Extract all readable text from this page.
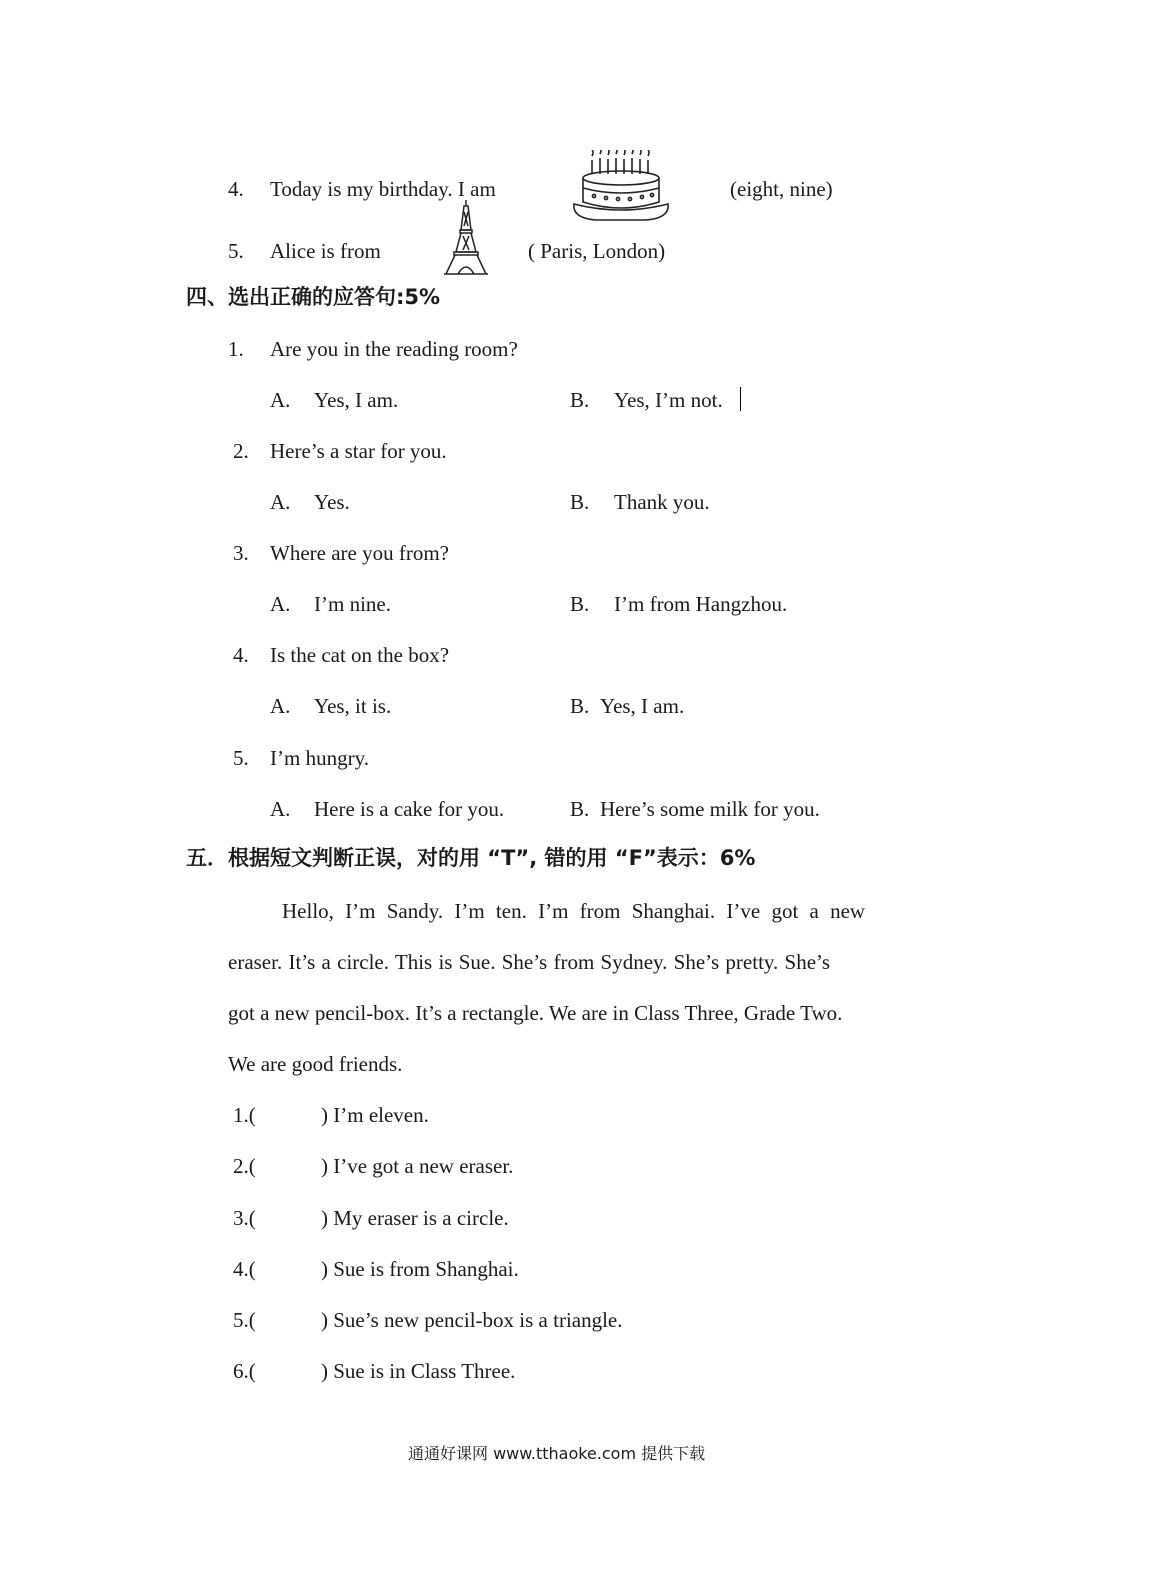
4. Today is my birthday. I am	(eight, nine)
5. Alice is from	( Paris, London)
四、选出正确的应答句:5%
1. Are you in the reading room?
A. Yes, I am.	B. Yes, I’m not.
2. Here’s a star for you.
A. Yes.	B. Thank you.
3. Where are you from?
A. I’m nine.	B. I’m from Hangzhou.
4. Is the cat on the box?
A. Yes, it is.	B. Yes, I am.
5. I’m hungry.
A. Here is a cake for you.	B. Here’s some milk for you.
五．根据短文判断正误，对的用 “T”, 错的用 “F”表示：6%
Hello, I’m Sandy. I’m ten. I’m from Shanghai. I’ve got a new
eraser. It’s a circle. This is Sue. She’s from Sydney. She’s pretty. She’s
got a new pencil-box. It’s a rectangle. We are in Class Three, Grade Two.
We are good friends.
1.(	) I’m eleven.
2.(	) I’ve got a new eraser.
3.(	) My eraser is a circle.
4.(	) Sue is from Shanghai.
5.(	) Sue’s new pencil-box is a triangle.
6.(	) Sue is in Class Three.
通通好课网 www.tthaoke.com 提供下载
